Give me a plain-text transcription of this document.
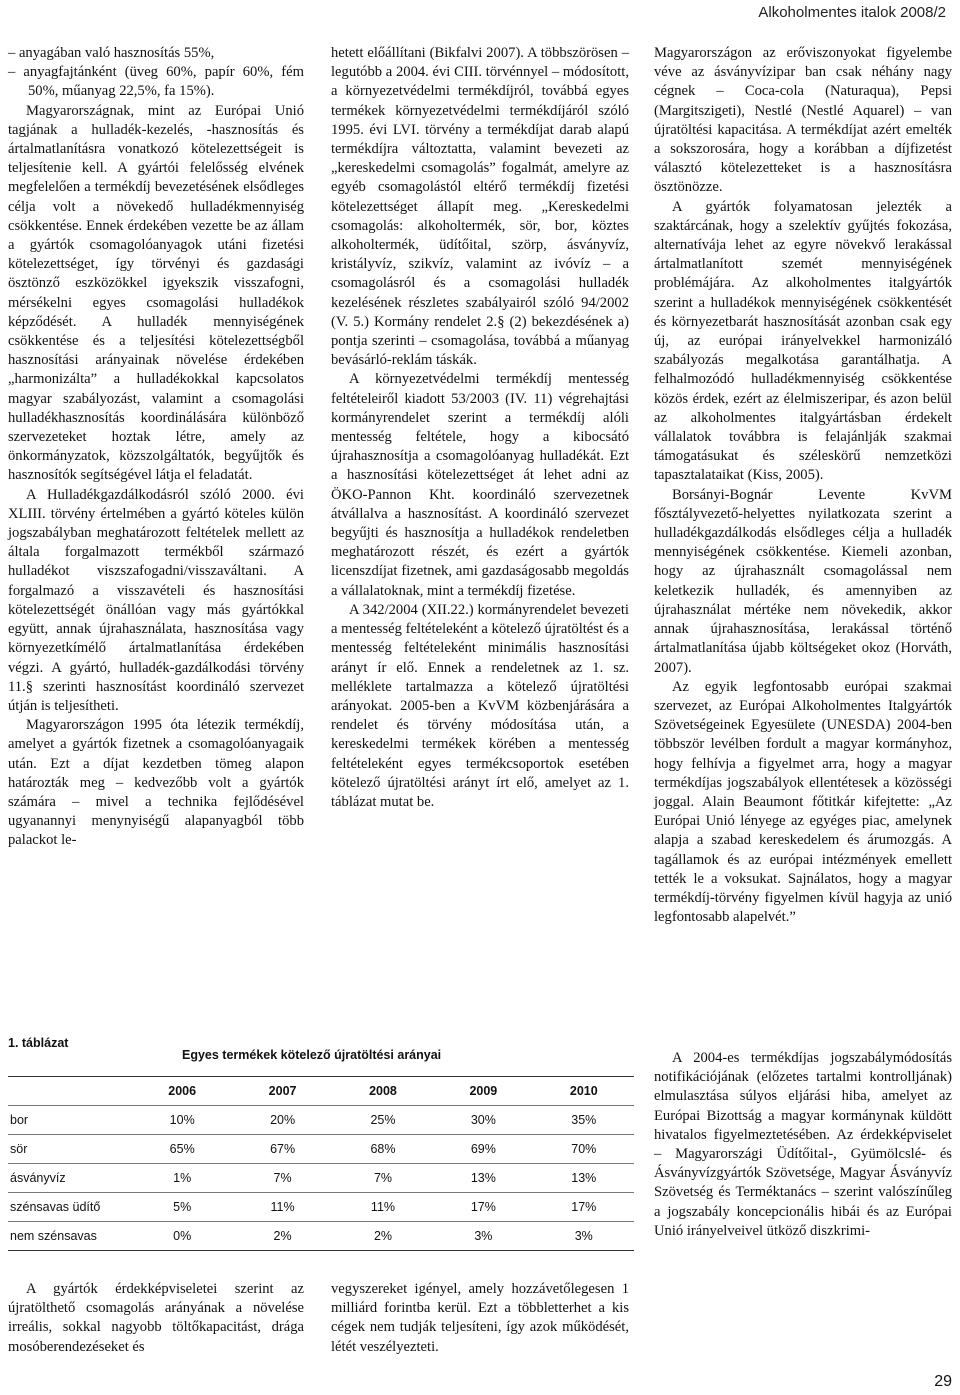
Alkoholmentes italok 2008/2

– anyagában való hasznosítás 55%,

– anyagfajtánként (üveg 60%, papír 60%, fém 50%, műanyag 22,5%, fa 15%).

Magyarországnak, mint az Európai Unió tagjának a hulladék-kezelés, -hasznosítás és ártalmatlanításra vonatkozó kötelezettségeit is teljesítenie kell. A gyártói felelősség elvének megfelelően a termékdíj bevezetésének elsődleges célja volt a növekedő hulladékmennyiség csökkentése. Ennek érdekében vezette be az állam a gyártók csomagolóanyagok utáni fizetési kötelezettséget, így törvényi és gazdasági ösztönző eszközökkel igyekszik visszafogni, mérsékelni egyes csomagolási hulladékok képződését. A hulladék mennyiségének csökkentése és a teljesítési kötelezettségből hasznosítási arányainak növelése érdekében „harmonizálta” a hulladékokkal kapcsolatos magyar szabályozást, valamint a csomagolási hulladékhasznosítás koordinálására különböző szervezeteket hoztak létre, amely az önkormányzatok, közszolgáltatók, begyűjtők és hasznosítók segítségével látja el feladatát.

A Hulladékgazdálkodásról szóló 2000. évi XLIII. törvény értelmében a gyártó köteles külön jogszabályban meghatározott feltételek mellett az általa forgalmazott termékből származó hulladékot viszszafogadni/visszaváltani. A forgalmazó a visszavételi és hasznosítási kötelezettségét önállóan vagy más gyártókkal együtt, annak újrahasználata, hasznosítása vagy környezetkímélő ártalmatlanítása érdekében végzi. A gyártó, hulladék-gazdálkodási törvény 11.§ szerinti hasznosítást koordináló szervezet útján is teljesítheti.

Magyarországon 1995 óta létezik termékdíj, amelyet a gyártók fizetnek a csomagolóanyagaik után. Ezt a díjat kezdetben tömeg alapon határozták meg – kedvezőbb volt a gyártók számára – mivel a technika fejlődésével ugyanannyi menynyiségű alapanyagból több palackot le-

hetett előállítani (Bikfalvi 2007). A többszörösen – legutóbb a 2004. évi CIII. törvénnyel – módosított, a környezetvédelmi termékdíjról, továbbá egyes termékek környezetvédelmi termékdíjáról szóló 1995. évi LVI. törvény a termékdíjat darab alapú termékdíjra változtatta, valamint bevezeti az „kereskedelmi csomagolás” fogalmát, amelyre az egyéb csomagolástól eltérő termékdíj fizetési kötelezettséget állapít meg. „Kereskedelmi csomagolás: alkoholtermék, sör, bor, köztes alkoholtermék, üdítőital, szörp, ásványvíz, kristályvíz, szikvíz, valamint az ivóvíz – a csomagolásról és a csomagolási hulladék kezelésének részletes szabályairól szóló 94/2002 (V. 5.) Kormány rendelet 2.§ (2) bekezdésének a) pontja szerinti – csomagolása, továbbá a műanyag bevásárló-reklám táskák.

A környezetvédelmi termékdíj mentesség feltételeiről kiadott 53/2003 (IV. 11) végrehajtási kormányrendelet szerint a termékdíj alóli mentesség feltétele, hogy a kibocsátó újrahasznosítja a csomagolóanyag hulladékát. Ezt a hasznosítási kötelezettséget át lehet adni az ÖKO-Pannon Kht. koordináló szervezetnek átvállalva a hasznosítást. A koordináló szervezet begyűjti és hasznosítja a hulladékok rendeletben meghatározott részét, és ezért a gyártók licenszdíjat fizetnek, ami gazdaságosabb megoldás a vállalatoknak, mint a termékdíj fizetése.

A 342/2004 (XII.22.) kormányrendelet bevezeti a mentesség feltételeként a kötelező újratöltést és a mentesség feltételeként minimális hasznosítási arányt ír elő. Ennek a rendeletnek az 1. sz. melléklete tartalmazza a kötelező újratöltési arányokat. 2005-ben a KvVM közbenjárására a rendelet és törvény módosítása után, a kereskedelmi termékek körében a mentesség feltételeként egyes termékcsoportok esetében kötelező újratöltési arányt írt elő, amelyet az 1. táblázat mutat be.

Magyarországon az erőviszonyokat figyelembe véve az ásványvízipar ban csak néhány nagy cégnek – Coca-cola (Naturaqua), Pepsi (Margitszigeti), Nestlé (Nestlé Aquarel) – van újratöltési kapacitása. A termékdíjat azért emelték a sokszorosára, hogy a korábban a díjfizetést választó kötelezetteket is a hasznosításra ösztönözze.

A gyártók folyamatosan jelezték a szaktárcának, hogy a szelektív gyűjtés fokozása, alternatívája lehet az egyre növekvő lerakással ártalmatlanított szemét mennyiségének problémájára. Az alkoholmentes italgyártók szerint a hulladékok mennyiségének csökkentését és környezetbarát hasznosítását azonban csak egy új, az európai irányelvekkel harmonizáló szabályozás megalkotása garantálhatja. A felhalmozódó hulladékmennyiség csökkentése közös érdek, ezért az élelmiszeripar, és azon belül az alkoholmentes italgyártásban érdekelt vállalatok továbbra is felajánlják szakmai támogatásukat és széleskörű nemzetközi tapasztalataikat (Kiss, 2005).

Borsányi-Bognár Levente KvVM fősztályvezető-helyettes nyilatkozata szerint a hulladékgazdálkodás elsődleges célja a hulladék mennyiségének csökkentése. Kiemeli azonban, hogy az újrahasznált csomagolással nem keletkezik hulladék, és amennyiben az újrahasználat mértéke nem növekedik, akkor annak újrahasznosítása, lerakással történő ártalmatlanítása újabb költségeket okoz (Horváth, 2007).

Az egyik legfontosabb európai szakmai szervezet, az Európai Alkoholmentes Italgyártók Szövetségeinek Egyesülete (UNESDA) 2004-ben többször levélben fordult a magyar kormányhoz, hogy felhívja a figyelmet arra, hogy a magyar termékdíjas jogszabályok ellentétesek a közösségi joggal. Alain Beaumont főtitkár kifejtette: „Az Európai Unió lényege az egyéges piac, amelynek alapja a szabad kereskedelem és árumozgás. A tagállamok és az európai intézmények emellett tették le a voksukat. Sajnálatos, hogy a magyar termékdíj-törvény figyelmen kívül hagyja az unió legfontosabb alapelvét.”

A 2004-es termékdíjas jogszabálymódosítás notifikációjának (előzetes tartalmi kontrolljának) elmulasztása súlyos eljárási hiba, amelyet az Európai Bizottság a magyar kormánynak küldött hivatalos figyelmeztetésében. Az érdekképviselet – Magyarországi Üdítőital-, Gyümölcslé- és Ásványvízgyártók Szövetsége, Magyar Ásványvíz Szövetség és Terméktanács – szerint valószínűleg a jogszabály koncepcionális hibái és az Európai Unió irányelveivel ütköző diszkrimi-

1. táblázat
Egyes termékek kötelező újratöltési arányai
	2006	2007	2008	2009	2010
bor	10%	20%	25%	30%	35%
sör	65%	67%	68%	69%	70%
ásványvíz	1%	7%	7%	13%	13%
szénsavas üdítő	5%	11%	11%	17%	17%
nem szénsavas	0%	2%	2%	3%	3%

A gyártók érdekképviseletei szerint az újratölthető csomagolás arányának a növelése irreális, sokkal nagyobb töltőkapacitást, drága mosóberendezéseket és

vegyszereket igényel, amely hozzávetőlegesen 1 milliárd forintba kerül. Ezt a többletterhet a kis cégek nem tudják teljesíteni, így azok működését, létét veszélyezteti.

29
